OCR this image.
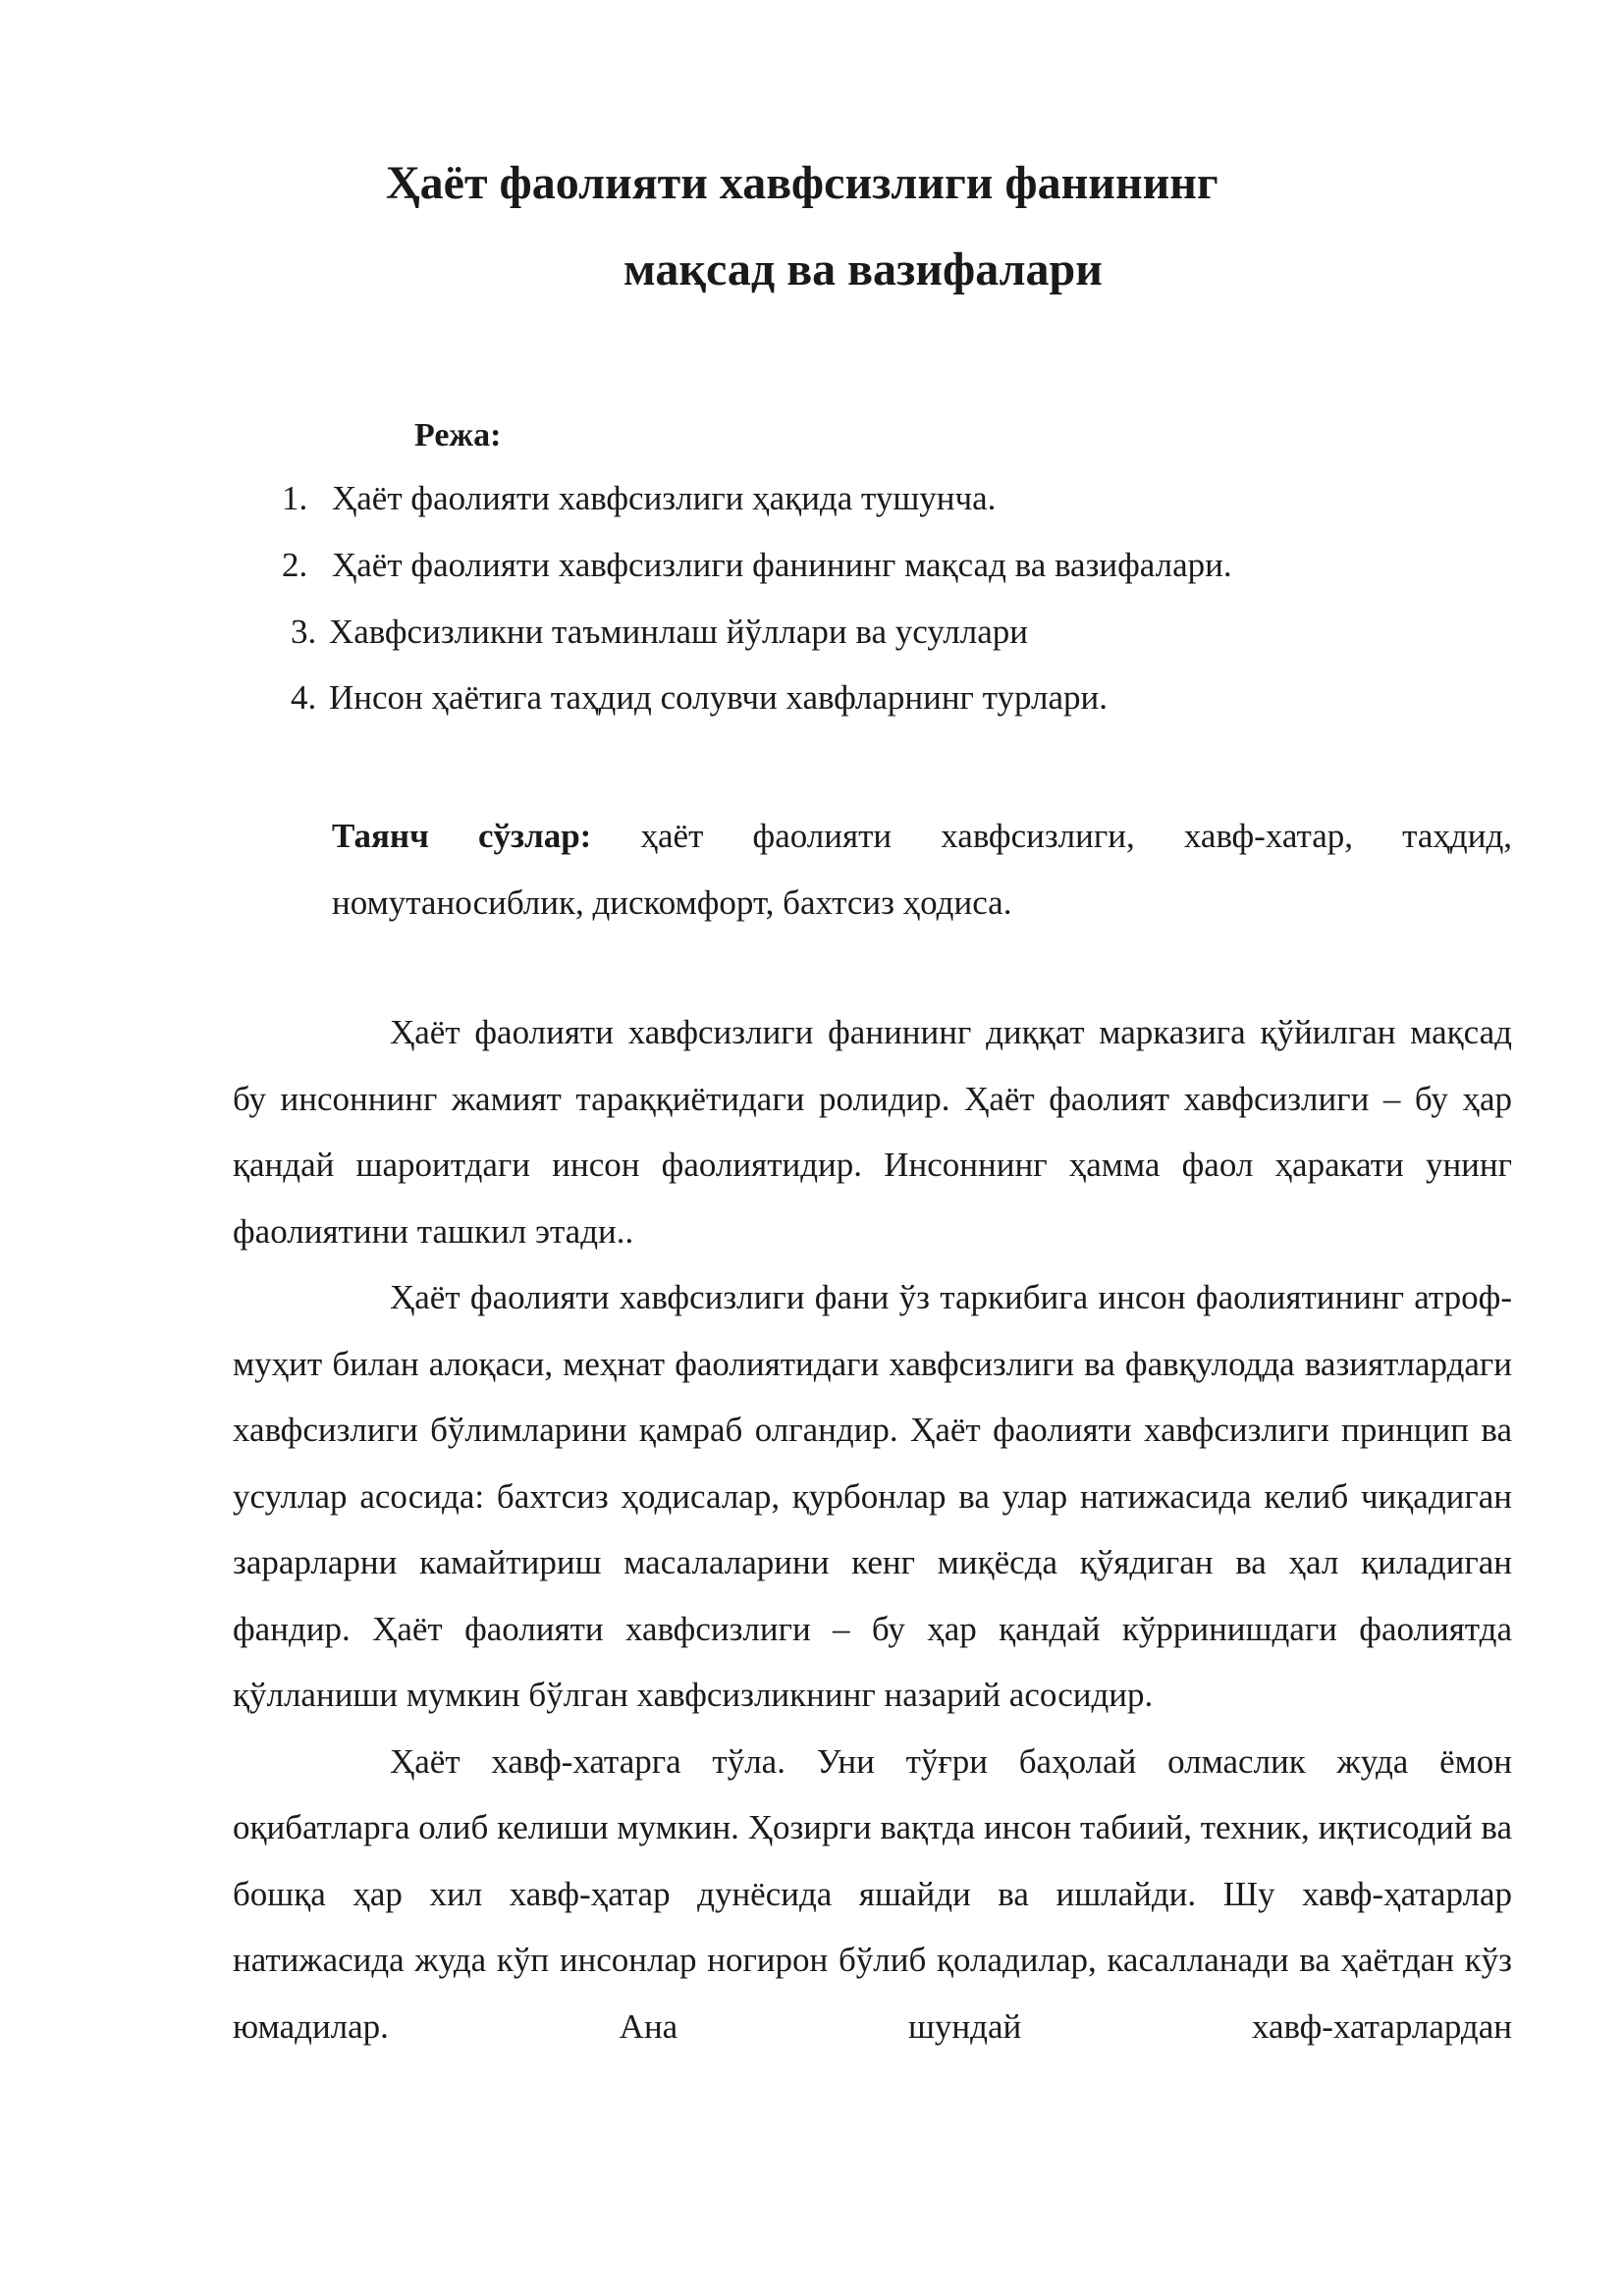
Ҳаёт фаолияти хавфсизлиги фанининг
мақсад ва вазифалари
Режа:
1. Ҳаёт фаолияти хавфсизлиги ҳақида тушунча.
2. Ҳаёт фаолияти хавфсизлиги фанининг мақсад ва вазифалари.
3. Хавфсизликни таъминлаш йўллари ва усуллари
4. Инсон ҳаётига таҳдид солувчи хавфларнинг турлари.
Таянч сўзлар: ҳаёт фаолияти хавфсизлиги, хавф-хатар, таҳдид, номутаносиблик, дискомфорт, бахтсиз ҳодиса.

Ҳаёт фаолияти хавфсизлиги фанининг диққат марказига қўйилган мақсад бу инсоннинг жамият тараққиётидаги ролидир. Ҳаёт фаолият хавфсизлиги – бу ҳар қандай шароитдаги инсон фаолиятидир. Инсоннинг ҳамма фаол ҳаракати унинг фаолиятини ташкил этади..

Ҳаёт фаолияти хавфсизлиги фани ўз таркибига инсон фаолиятининг атроф-муҳит билан алоқаси, меҳнат фаолиятидаги хавфсизлиги ва фавқулодда вазиятлардаги хавфсизлиги бўлимларини қамраб олгандир. Ҳаёт фаолияти хавфсизлиги принцип ва усуллар асосида: бахтсиз ҳодисалар, қурбонлар ва улар натижасида келиб чиқадиган зарарларни камайтириш масалаларини кенг миқёсда қўядиган ва ҳал қиладиган фандир. Ҳаёт фаолияти хавфсизлиги – бу ҳар қандай кўрринишдаги фаолиятда қўлланиши мумкин бўлган хавфсизликнинг назарий асосидир.

Ҳаёт хавф-хатарга тўла. Уни тўғри баҳолай олмаслик жуда ёмон оқибатларга олиб келиши мумкин. Ҳозирги вақтда инсон табиий, техник, иқтисодий ва бошқа ҳар хил хавф-ҳатар дунёсида яшайди ва ишлайди. Шу хавф-ҳатарлар натижасида жуда кўп инсонлар ногирон бўлиб қоладилар, касалланади ва ҳаётдан кўз юмадилар. Ана шундай хавф-хатарлардан
